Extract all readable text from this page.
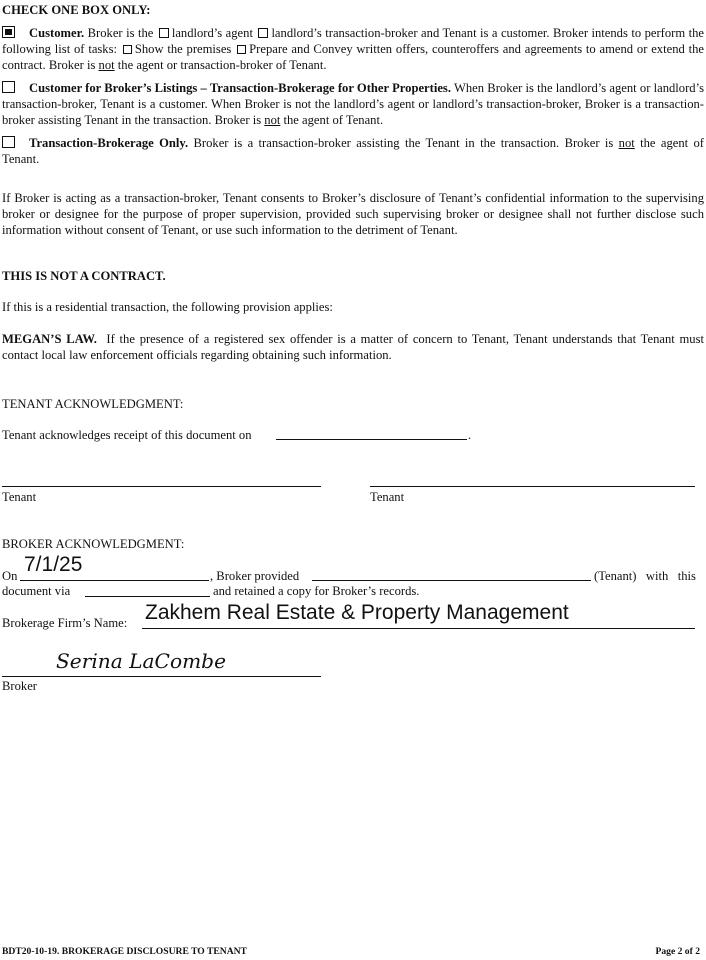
CHECK ONE BOX ONLY:
Customer. Broker is the landlord’s agent landlord’s transaction-broker and Tenant is a customer. Broker intends to perform the following list of tasks: Show the premises Prepare and Convey written offers, counteroffers and agreements to amend or extend the contract. Broker is not the agent or transaction-broker of Tenant.
Customer for Broker’s Listings – Transaction-Brokerage for Other Properties. When Broker is the landlord’s agent or landlord’s transaction-broker, Tenant is a customer. When Broker is not the landlord’s agent or landlord’s transaction-broker, Broker is a transaction-broker assisting Tenant in the transaction. Broker is not the agent of Tenant.
Transaction-Brokerage Only. Broker is a transaction-broker assisting the Tenant in the transaction. Broker is not the agent of Tenant.
If Broker is acting as a transaction-broker, Tenant consents to Broker’s disclosure of Tenant’s confidential information to the supervising broker or designee for the purpose of proper supervision, provided such supervising broker or designee shall not further disclose such information without consent of Tenant, or use such information to the detriment of Tenant.
THIS IS NOT A CONTRACT.
If this is a residential transaction, the following provision applies:
MEGAN’S LAW. If the presence of a registered sex offender is a matter of concern to Tenant, Tenant understands that Tenant must contact local law enforcement officials regarding obtaining such information.
TENANT ACKNOWLEDGMENT:
Tenant acknowledges receipt of this document on	.
Tenant	Tenant
BROKER ACKNOWLEDGMENT:
On 7/1/25	, Broker provided	(Tenant)   with   this
document via	and retained a copy for Broker’s records.
Brokerage Firm’s Name: Zakhem Real Estate & Property Management
Serina LaCombe
Broker
BDT20-10-19. BROKERAGE DISCLOSURE TO TENANT	Page 2 of 2
